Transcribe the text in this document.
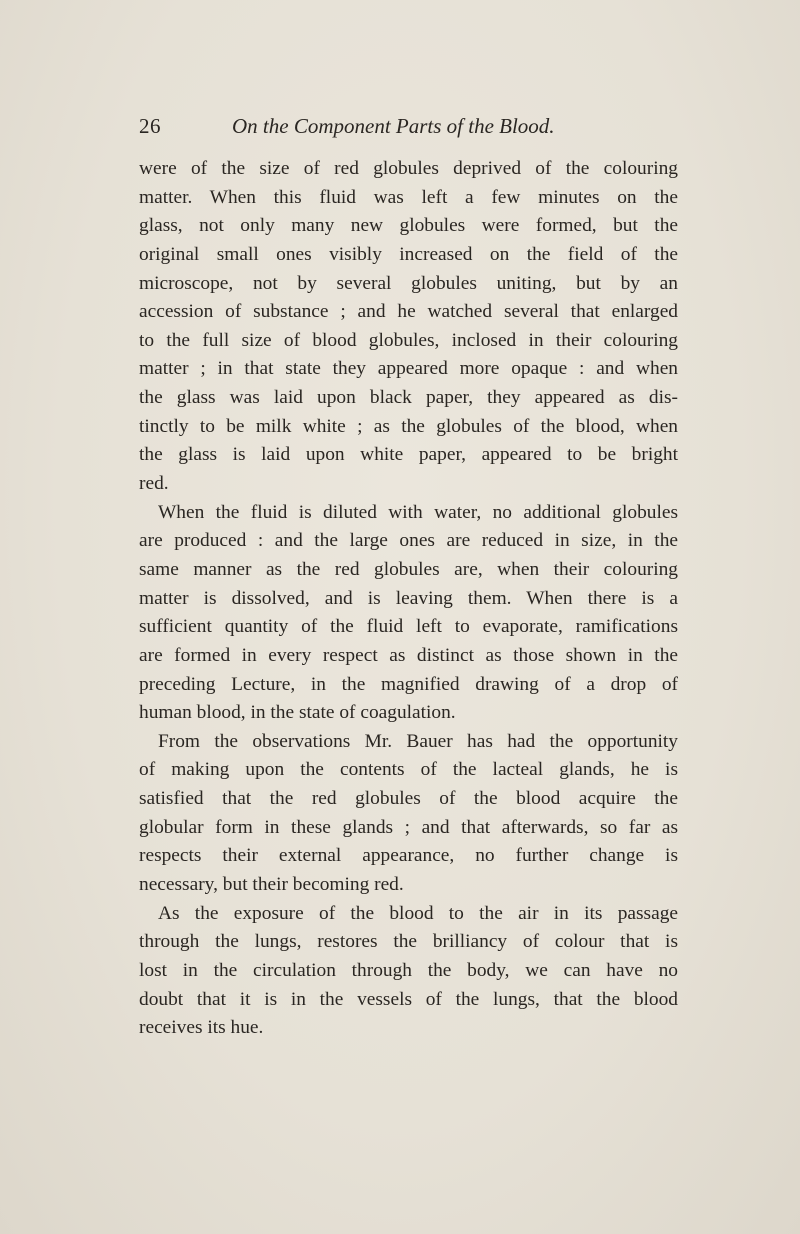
26	On the Component Parts of the Blood.
were of the size of red globules deprived of the colouring
matter. When this fluid was left a few minutes on the
glass, not only many new globules were formed, but the
original small ones visibly increased on the field of the
microscope, not by several globules uniting, but by an
accession of substance ; and he watched several that enlarged
to the full size of blood globules, inclosed in their colouring
matter ; in that state they appeared more opaque : and when
the glass was laid upon black paper, they appeared as dis-
tinctly to be milk white ; as the globules of the blood, when
the glass is laid upon white paper, appeared to be bright
red.
When the fluid is diluted with water, no additional globules
are produced : and the large ones are reduced in size, in the
same manner as the red globules are, when their colouring
matter is dissolved, and is leaving them. When there is a
sufficient quantity of the fluid left to evaporate, ramifications
are formed in every respect as distinct as those shown in the
preceding Lecture, in the magnified drawing of a drop of
human blood, in the state of coagulation.
From the observations Mr. Bauer has had the opportunity
of making upon the contents of the lacteal glands, he is
satisfied that the red globules of the blood acquire the
globular form in these glands ; and that afterwards, so far as
respects their external appearance, no further change is
necessary, but their becoming red.
As the exposure of the blood to the air in its passage
through the lungs, restores the brilliancy of colour that is
lost in the circulation through the body, we can have no
doubt that it is in the vessels of the lungs, that the blood
receives its hue.
